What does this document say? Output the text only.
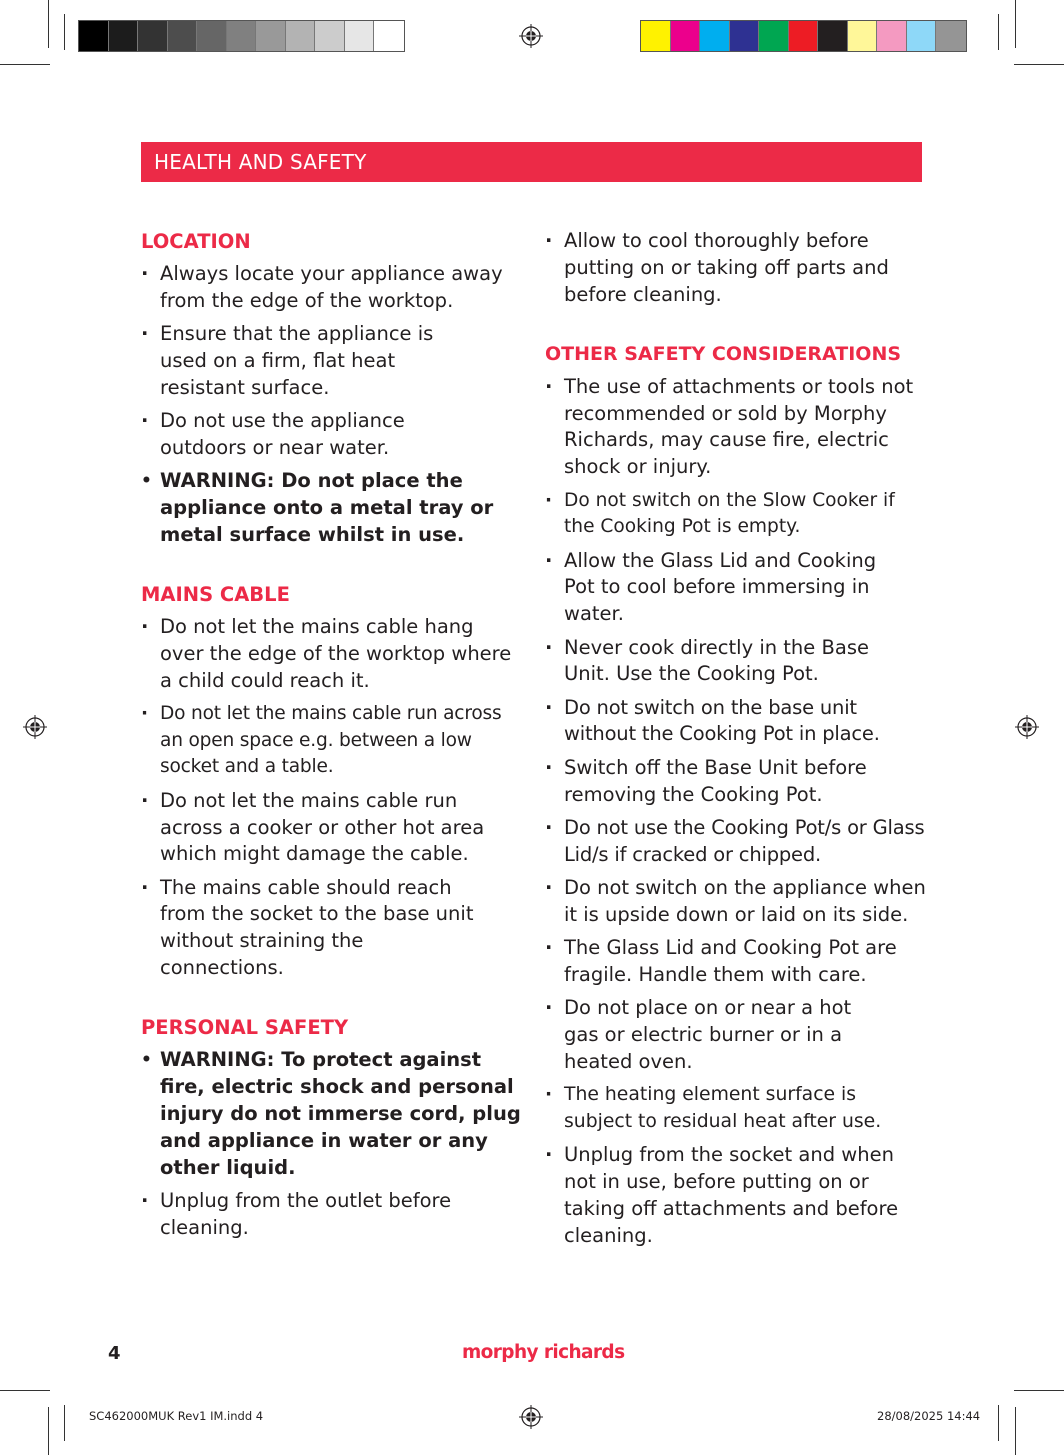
HEALTH AND SAFETY
LOCATION
· Always locate your appliance away from the edge of the worktop.
· Ensure that the appliance is used on a firm, flat heat resistant surface.
· Do not use the appliance outdoors or near water.
• WARNING: Do not place the appliance onto a metal tray or metal surface whilst in use.
MAINS CABLE
· Do not let the mains cable hang over the edge of the worktop where a child could reach it.
· Do not let the mains cable run across an open space e.g. between a low socket and a table.
· Do not let the mains cable run across a cooker or other hot area which might damage the cable.
· The mains cable should reach from the socket to the base unit without straining the connections.
PERSONAL SAFETY
• WARNING: To protect against fire, electric shock and personal injury do not immerse cord, plug and appliance in water or any other liquid.
· Unplug from the outlet before cleaning.
· Allow to cool thoroughly before putting on or taking off parts and before cleaning.
OTHER SAFETY CONSIDERATIONS
· The use of attachments or tools not recommended or sold by Morphy Richards, may cause fire, electric shock or injury.
· Do not switch on the Slow Cooker if the Cooking Pot is empty.
· Allow the Glass Lid and Cooking Pot to cool before immersing in water.
· Never cook directly in the Base Unit. Use the Cooking Pot.
· Do not switch on the base unit without the Cooking Pot in place.
· Switch off the Base Unit before removing the Cooking Pot.
· Do not use the Cooking Pot/s or Glass Lid/s if cracked or chipped.
· Do not switch on the appliance when it is upside down or laid on its side.
· The Glass Lid and Cooking Pot are fragile. Handle them with care.
· Do not place on or near a hot gas or electric burner or in a heated oven.
· The heating element surface is subject to residual heat after use.
· Unplug from the socket and when not in use, before putting on or taking off attachments and before cleaning.
4	morphy richards
SC462000MUK Rev1 IM.indd 4	28/08/2025 14:44
